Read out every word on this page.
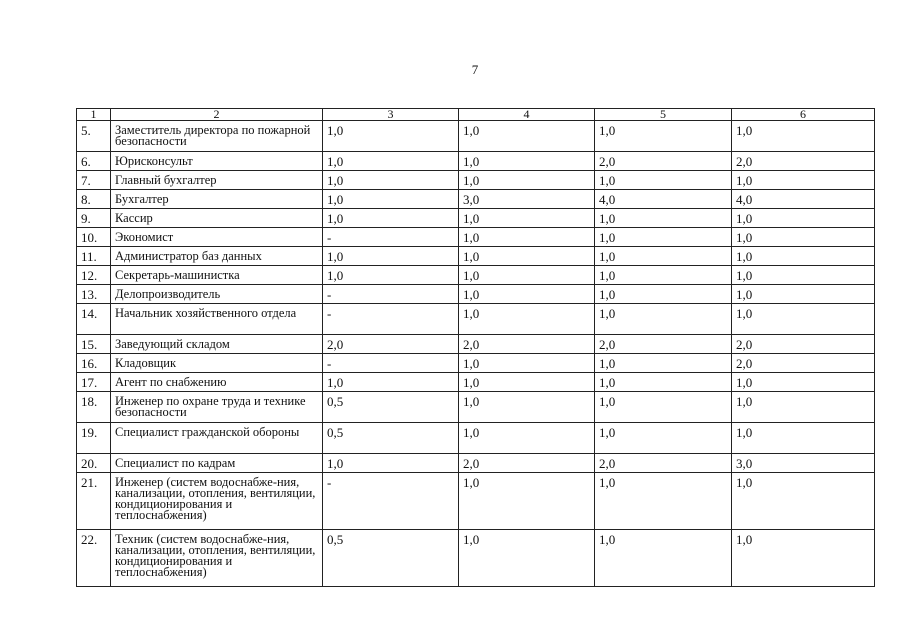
7
1	2	3	4	5	6
5.	Заместитель директора по пожарной безопасности	1,0	1,0	1,0	1,0
6.	Юрисконсульт	1,0	1,0	2,0	2,0
7.	Главный бухгалтер	1,0	1,0	1,0	1,0
8.	Бухгалтер	1,0	3,0	4,0	4,0
9.	Кассир	1,0	1,0	1,0	1,0
10.	Экономист	-	1,0	1,0	1,0
11.	Администратор баз данных	1,0	1,0	1,0	1,0
12.	Секретарь-машинистка	1,0	1,0	1,0	1,0
13.	Делопроизводитель	-	1,0	1,0	1,0
14.	Начальник хозяйственного отдела	-	1,0	1,0	1,0
15.	Заведующий складом	2,0	2,0	2,0	2,0
16.	Кладовщик	-	1,0	1,0	2,0
17.	Агент по снабжению	1,0	1,0	1,0	1,0
18.	Инженер по охране труда и технике безопасности	0,5	1,0	1,0	1,0
19.	Специалист гражданской обороны	0,5	1,0	1,0	1,0
20.	Специалист по кадрам	1,0	2,0	2,0	3,0
21.	Инженер (систем водоснабже-ния, канализации, отопления, вентиляции, кондиционирования и теплоснабжения)	-	1,0	1,0	1,0
22.	Техник (систем водоснабже-ния, канализации, отопления, вентиляции, кондиционирования и теплоснабжения)	0,5	1,0	1,0	1,0
